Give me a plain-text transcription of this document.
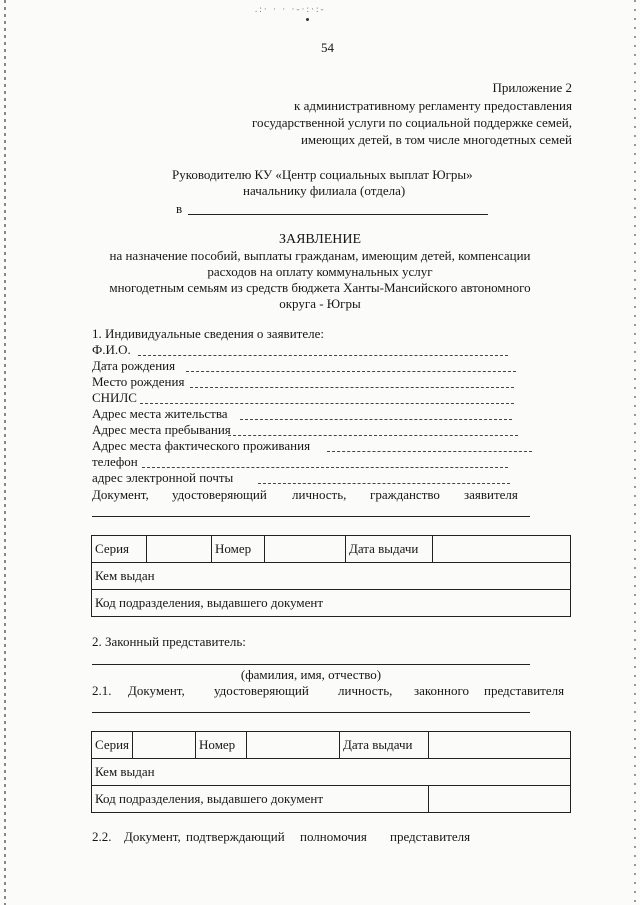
.:· · · ·-·:·:-
54
Приложение 2
к административному регламенту предоставления
государственной услуги по социальной поддержке семей,
имеющих детей, в том числе многодетных семей
Руководителю КУ «Центр социальных выплат Югры»
начальнику филиала (отдела)
в
ЗАЯВЛЕНИЕ
на назначение пособий, выплаты гражданам, имеющим детей, компенсации
расходов на оплату коммунальных услуг
многодетным семьям из средств бюджета Ханты-Мансийского автономного
округа - Югры
1. Индивидуальные сведения о заявителе:
Ф.И.О.
Дата рождения
Место рождения
СНИЛС
Адрес места жительства
Адрес места пребывания
Адрес места фактического проживания
телефон
адрес электронной почты
Документ, удостоверяющий личность, гражданство заявителя
Серия		Номер		Дата выдачи	
Кем выдан
Код подразделения, выдавшего документ
2. Законный представитель:
(фамилия, имя, отчество)
2.1. Документ, удостоверяющий личность, законного представителя
Серия		Номер		Дата выдачи	
Кем выдан					
Код подразделения, выдавшего документ					
2.2. Документ, подтверждающий полномочия представителя
